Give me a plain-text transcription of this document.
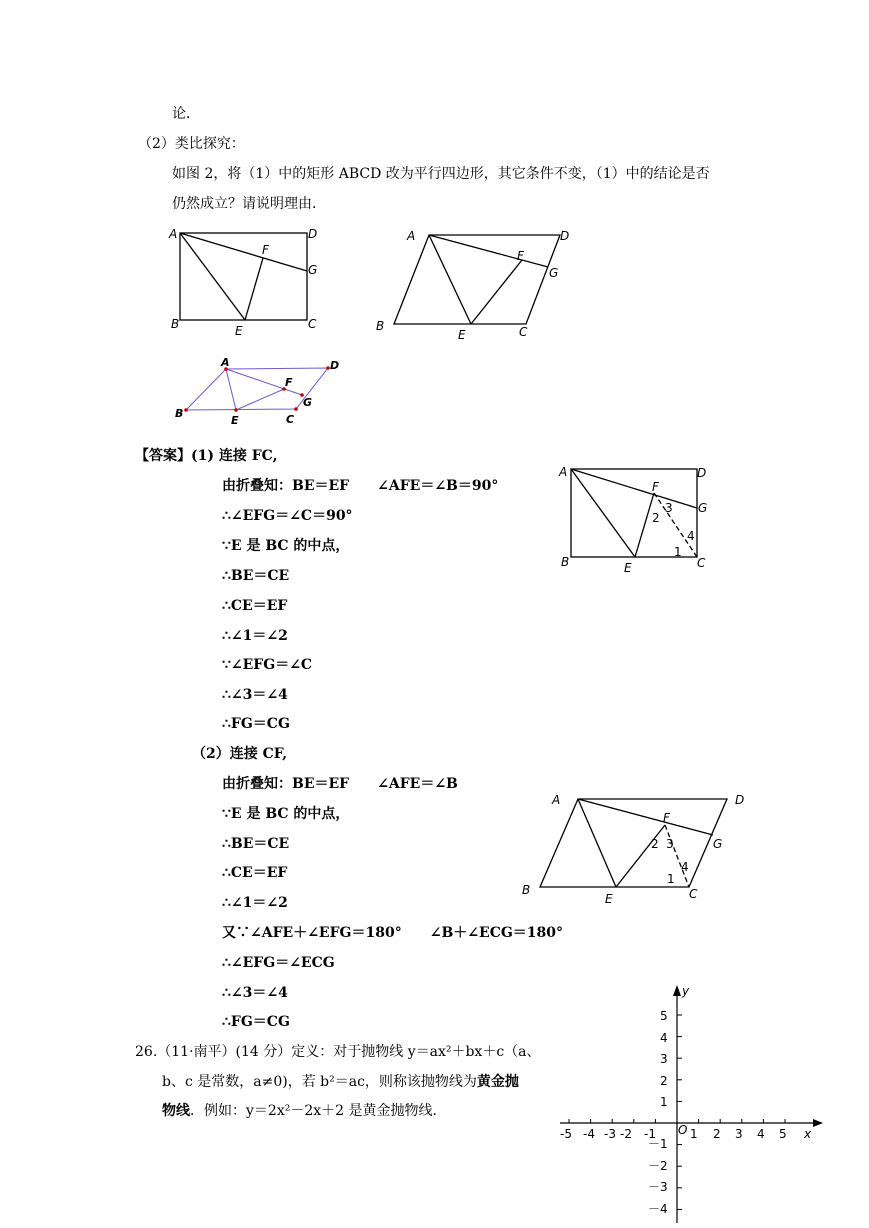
论．
（2）类比探究：
如图 2，将（1）中的矩形 ABCD 改为平行四边形，其它条件不变，（1）中的结论是否
仍然成立？请说明理由．
A	D
F
G
B	E	C
A	D
F
G
B
E	C
A	D
F
G
B
E	C
【答案】(1) 连接 FC,
由折叠知：BE＝EF　　∠AFE＝∠B＝90°
∴∠EFG＝∠C＝90°
∵E 是 BC 的中点，
∴BE＝CE
∴CE＝EF
∴∠1＝∠2
∵∠EFG＝∠C
∴∠3＝∠4
∴FG＝CG
（2）连接 CF,
由折叠知：BE＝EF　　∠AFE＝∠B
∵E 是 BC 的中点，
∴BE＝CE
∴CE＝EF
∴∠1＝∠2
又∵∠AFE＋∠EFG＝180°　　∠B＋∠ECG＝180°
∴∠EFG＝∠ECG
∴∠3＝∠4
∴FG＝CG
A	D
F
G
B	E	C
2
3
4
1
A	D
F
G
B
E	C
2 3
4
1
26.（11·南平）(14 分）定义：对于抛物线 y＝ax²＋bx＋c（a、
b、c 是常数，a≠0)，若 b²＝ac，则称该抛物线为黄金抛
物线．例如：y＝2x²－2x＋2 是黄金抛物线．
y
x
O
-5 -4 -3 -2 -1	1 2 3 4 5
5
4
3
2
1
－1
－2
－3
－4
